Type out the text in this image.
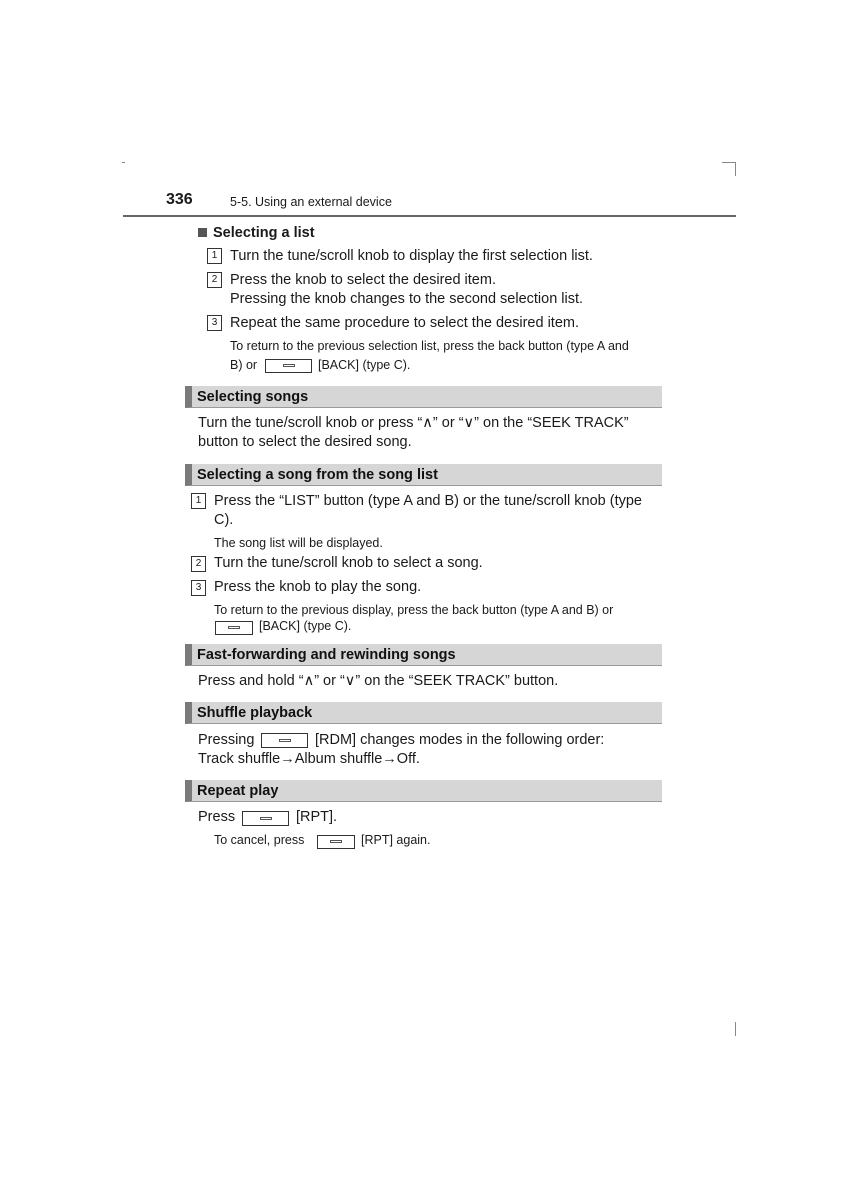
336	5-5. Using an external device
Selecting a list
1 Turn the tune/scroll knob to display the first selection list.
2 Press the knob to select the desired item.
Pressing the knob changes to the second selection list.
3 Repeat the same procedure to select the desired item.
To return to the previous selection list, press the back button (type A and
B) or	[BACK] (type C).
Selecting songs
Turn the tune/scroll knob or press “∧” or “∨” on the “SEEK TRACK”
button to select the desired song.
Selecting a song from the song list
1 Press the “LIST” button (type A and B) or the tune/scroll knob (type
C).
The song list will be displayed.
2 Turn the tune/scroll knob to select a song.
3 Press the knob to play the song.
To return to the previous display, press the back button (type A and B) or
[BACK] (type C).
Fast-forwarding and rewinding songs
Press and hold “∧” or “∨” on the “SEEK TRACK” button.
Shuffle playback
Pressing	[RDM] changes modes in the following order:
Track shuffle→Album shuffle→Off.
Repeat play
Press	[RPT].
To cancel, press	[RPT] again.
